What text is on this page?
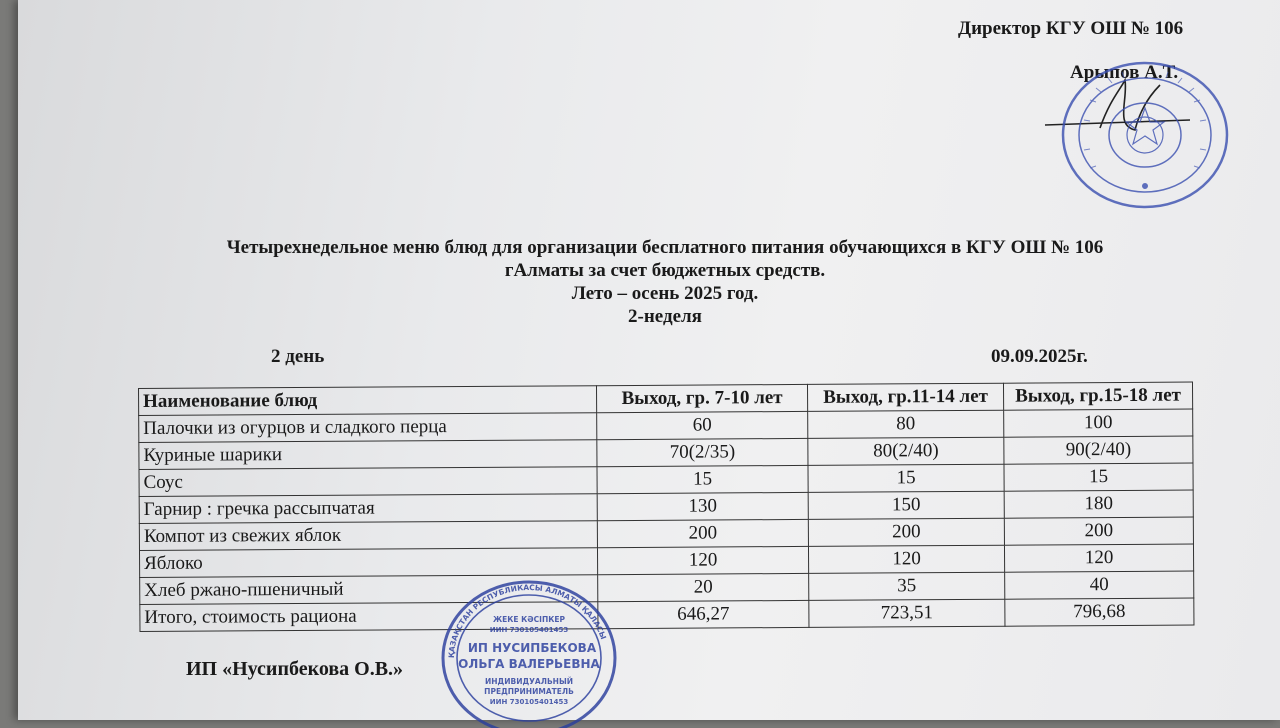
Директор КГУ ОШ № 106
Арыпов А.Т.
Четырехнедельное меню блюд для организации бесплатного питания обучающихся в КГУ ОШ № 106
гАлматы за счет бюджетных средств.
Лето – осень 2025 год.
2-неделя
2 день	09.09.2025г.
Наименование блюд	Выход, гр. 7-10 лет	Выход, гр.11-14 лет	Выход, гр.15-18 лет
Палочки из огурцов и сладкого перца	60	80	100
Куриные шарики	70(2/35)	80(2/40)	90(2/40)
Соус	15	15	15
Гарнир : гречка рассыпчатая	130	150	180
Компот из свежих яблок	200	200	200
Яблоко	120	120	120
Хлеб ржано-пшеничный	20	35	40
Итого, стоимость рациона	646,27	723,51	796,68
ИП «Нусипбекова О.В.»
ҚАЗАҚСТАН РЕСПУБЛИКАСЫ АЛМАТЫ ҚАЛАСЫ
ЖЕКЕ КӘСІПКЕР
ИИН 730105401453
ИП НУСИПБЕКОВА
ОЛЬГА ВАЛЕРЬЕВНА
ИНДИВИДУАЛЬНЫЙ
ПРЕДПРИНИМАТЕЛЬ
ИИН 730105401453
